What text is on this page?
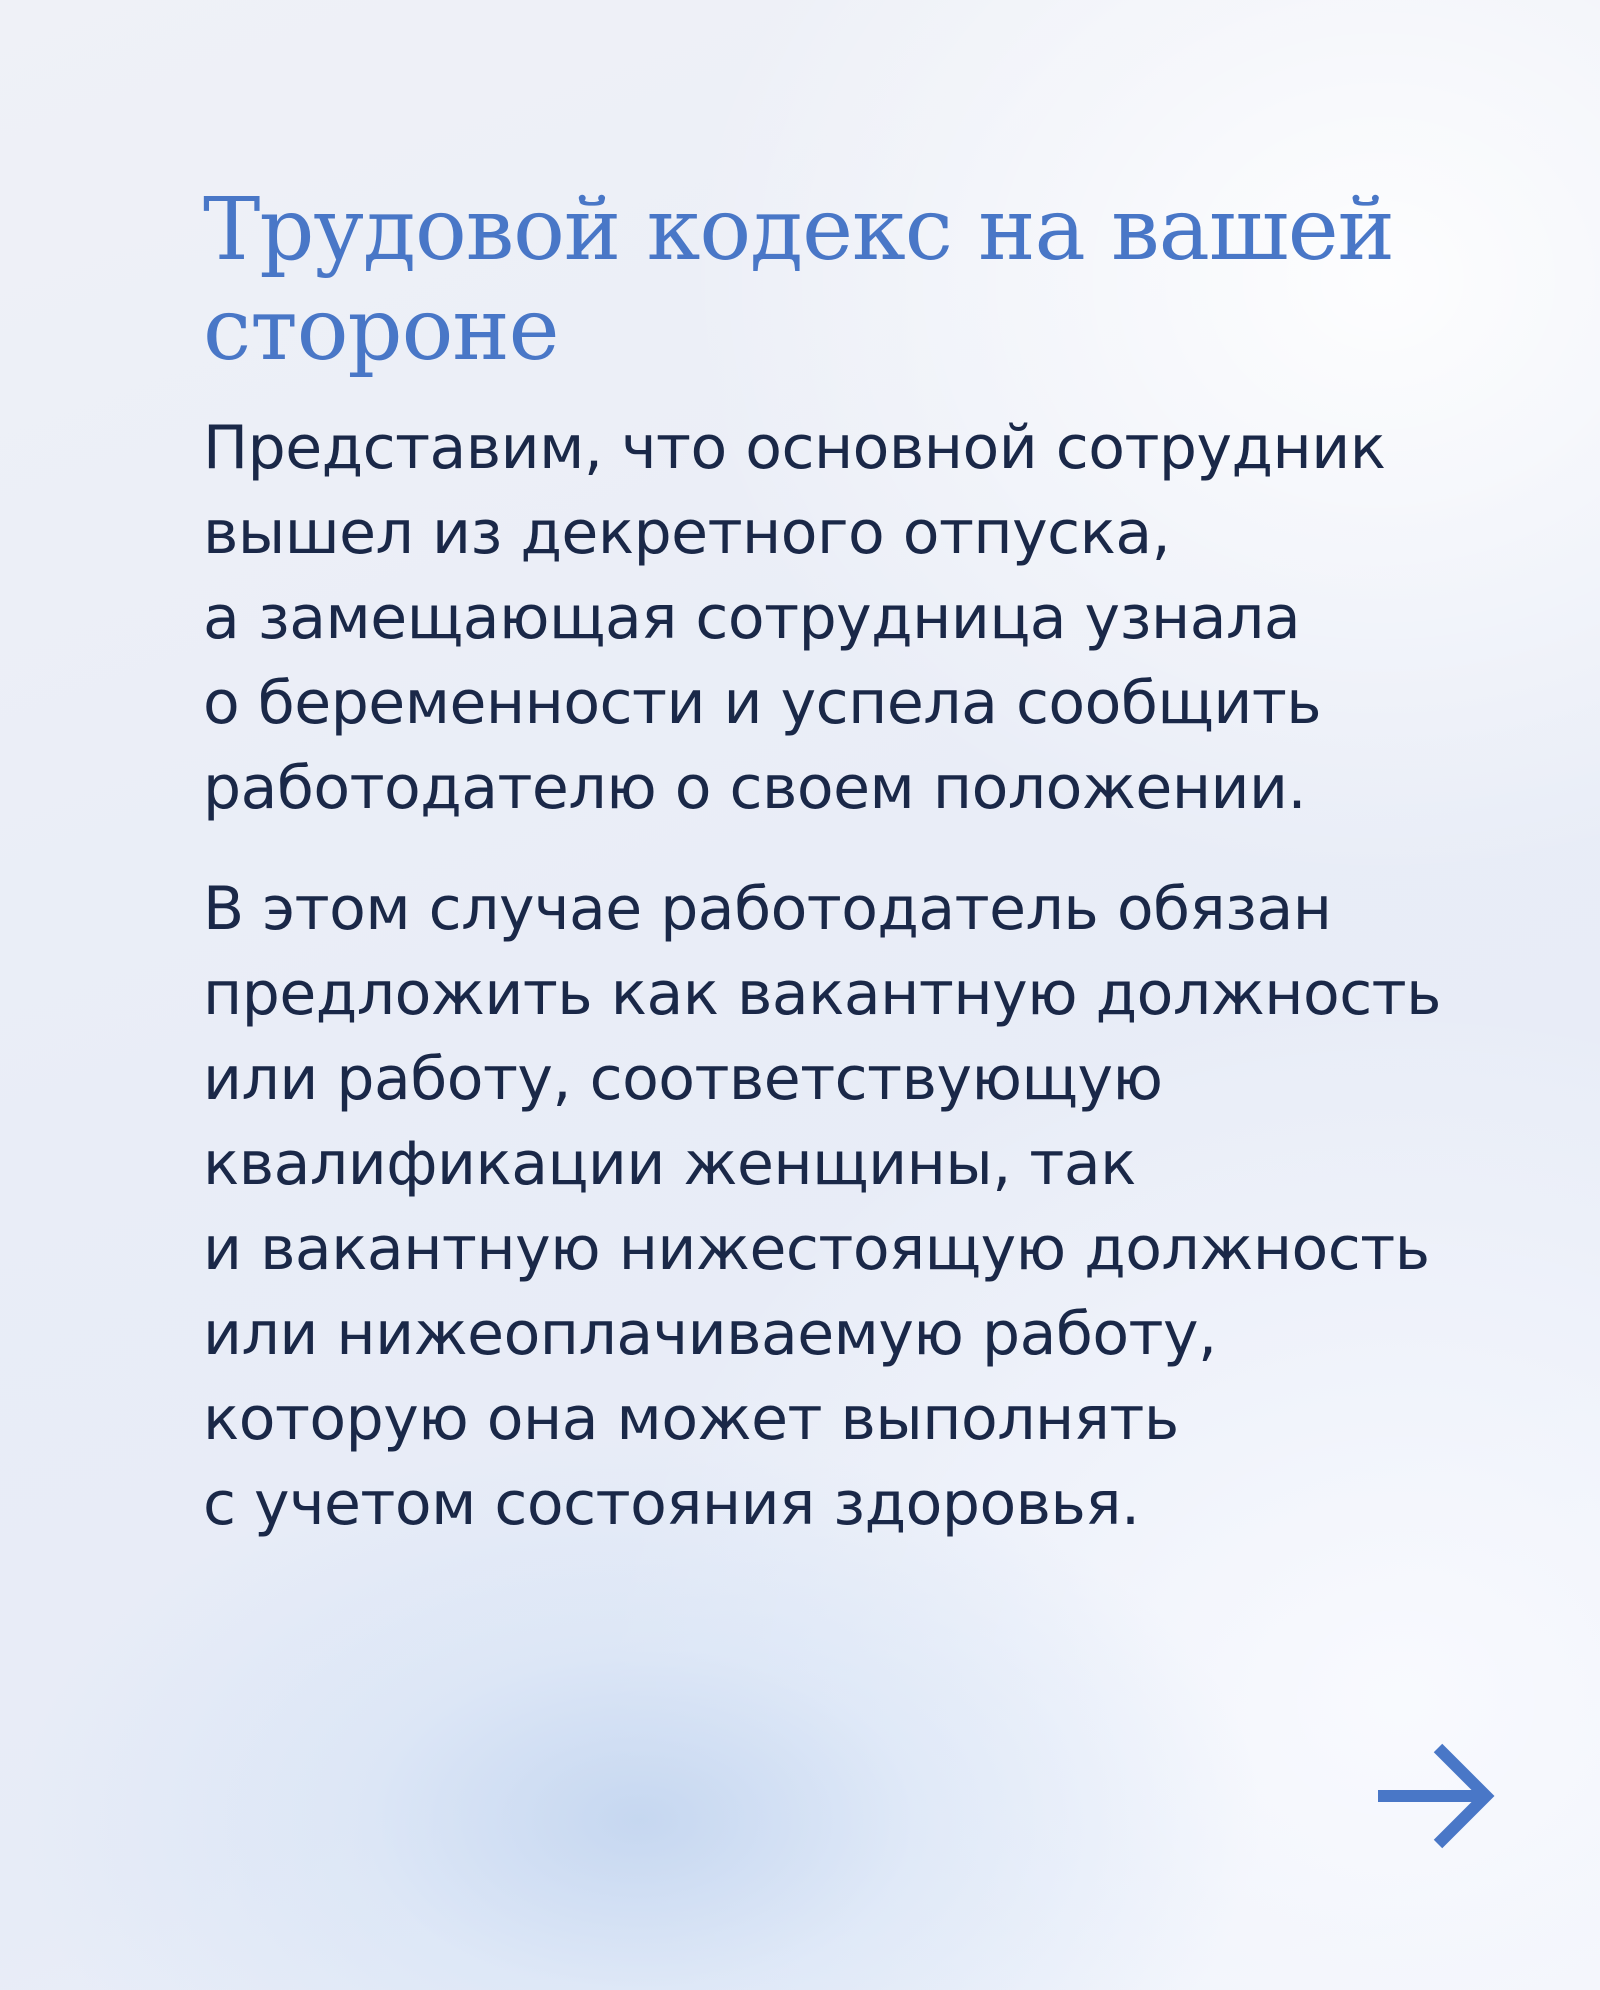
Трудовой кодекс на вашей
стороне

Представим, что основной сотрудник
вышел из декретного отпуска,
а замещающая сотрудница узнала
о беременности и успела сообщить
работодателю о своем положении.

В этом случае работодатель обязан
предложить как вакантную должность
или работу, соответствующую
квалификации женщины, так
и вакантную нижестоящую должность
или нижеоплачиваемую работу,
которую она может выполнять
с учетом состояния здоровья.
